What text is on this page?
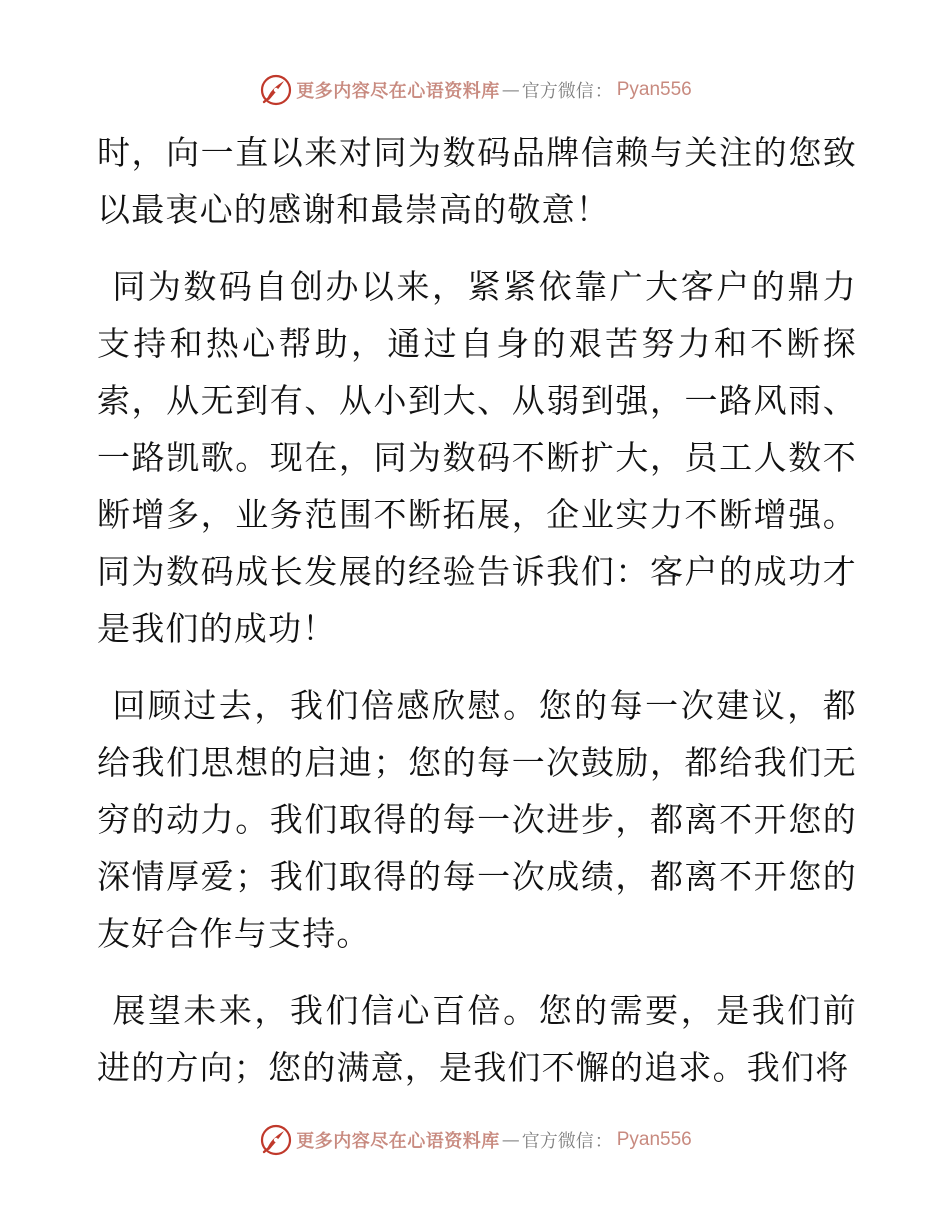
更多内容尽在心语资料库 — 官方微信 ： Pyan556

时，向一直以来对同为数码品牌信赖与关注的您致以最衷心的感谢和最崇高的敬意！

同为数码自创办以来，紧紧依靠广大客户的鼎力支持和热心帮助，通过自身的艰苦努力和不断探索，从无到有、从小到大、从弱到强，一路风雨、一路凯歌。现在，同为数码不断扩大，员工人数不断增多，业务范围不断拓展，企业实力不断增强。同为数码成长发展的经验告诉我们：客户的成功才是我们的成功！

回顾过去，我们倍感欣慰。您的每一次建议，都给我们思想的启迪；您的每一次鼓励，都给我们无穷的动力。我们取得的每一次进步，都离不开您的深情厚爱；我们取得的每一次成绩，都离不开您的友好合作与支持。

展望未来，我们信心百倍。您的需要，是我们前进的方向；您的满意，是我们不懈的追求。我们将

更多内容尽在心语资料库 — 官方微信 ： Pyan556
